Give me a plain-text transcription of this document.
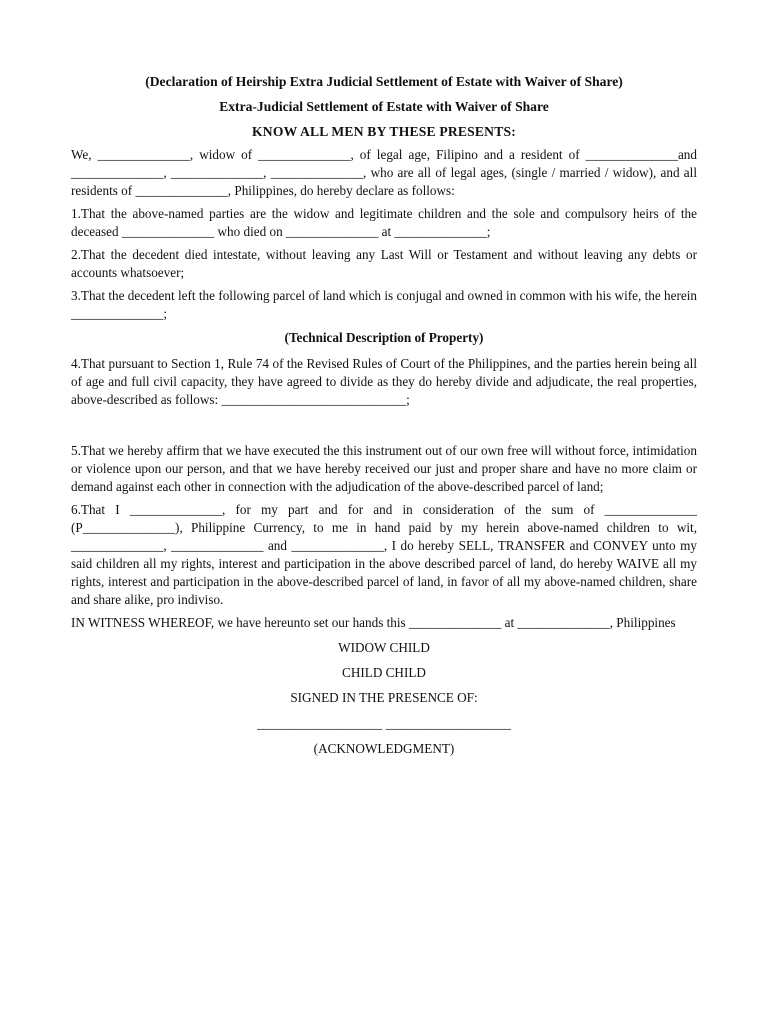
(Declaration of Heirship Extra Judicial Settlement of Estate with Waiver of Share)

Extra-Judicial Settlement of Estate with Waiver of Share

KNOW ALL MEN BY THESE PRESENTS:

We, ______________, widow of ______________, of legal age, Filipino and a resident of ______________and ______________, ______________, ______________, who are all of legal ages, (single / married / widow), and all residents of ______________, Philippines, do hereby declare as follows:

1.That the above-named parties are the widow and legitimate children and the sole and compulsory heirs of the deceased ______________ who died on ______________ at ______________;

2.That the decedent died intestate, without leaving any Last Will or Testament and without leaving any debts or accounts whatsoever;

3.That the decedent left the following parcel of land which is conjugal and owned in common with his wife, the herein ______________;

(Technical Description of Property)

4.That pursuant to Section 1, Rule 74 of the Revised Rules of Court of the Philippines, and the parties herein being all of age and full civil capacity, they have agreed to divide as they do hereby divide and adjudicate, the real properties, above-described as follows: ____________________________;

5.That we hereby affirm that we have executed the this instrument out of our own free will without force, intimidation or violence upon our person, and that we have hereby received our just and proper share and have no more claim or demand against each other in connection with the adjudication of the above-described parcel of land;

6.That I ______________, for my part and for and in consideration of the sum of ______________ (P______________), Philippine Currency, to me in hand paid by my herein above-named children to wit, ______________, ______________ and ______________, I do hereby SELL, TRANSFER and CONVEY unto my said children all my rights, interest and participation in the above described parcel of land, do hereby WAIVE all my rights, interest and participation in the above-described parcel of land, in favor of all my above-named children, share and share alike, pro indiviso.

IN WITNESS WHEREOF, we have hereunto set our hands this ______________ at ______________, Philippines

WIDOW CHILD

CHILD CHILD

SIGNED IN THE PRESENCE OF:

___________________ ___________________

(ACKNOWLEDGMENT)
